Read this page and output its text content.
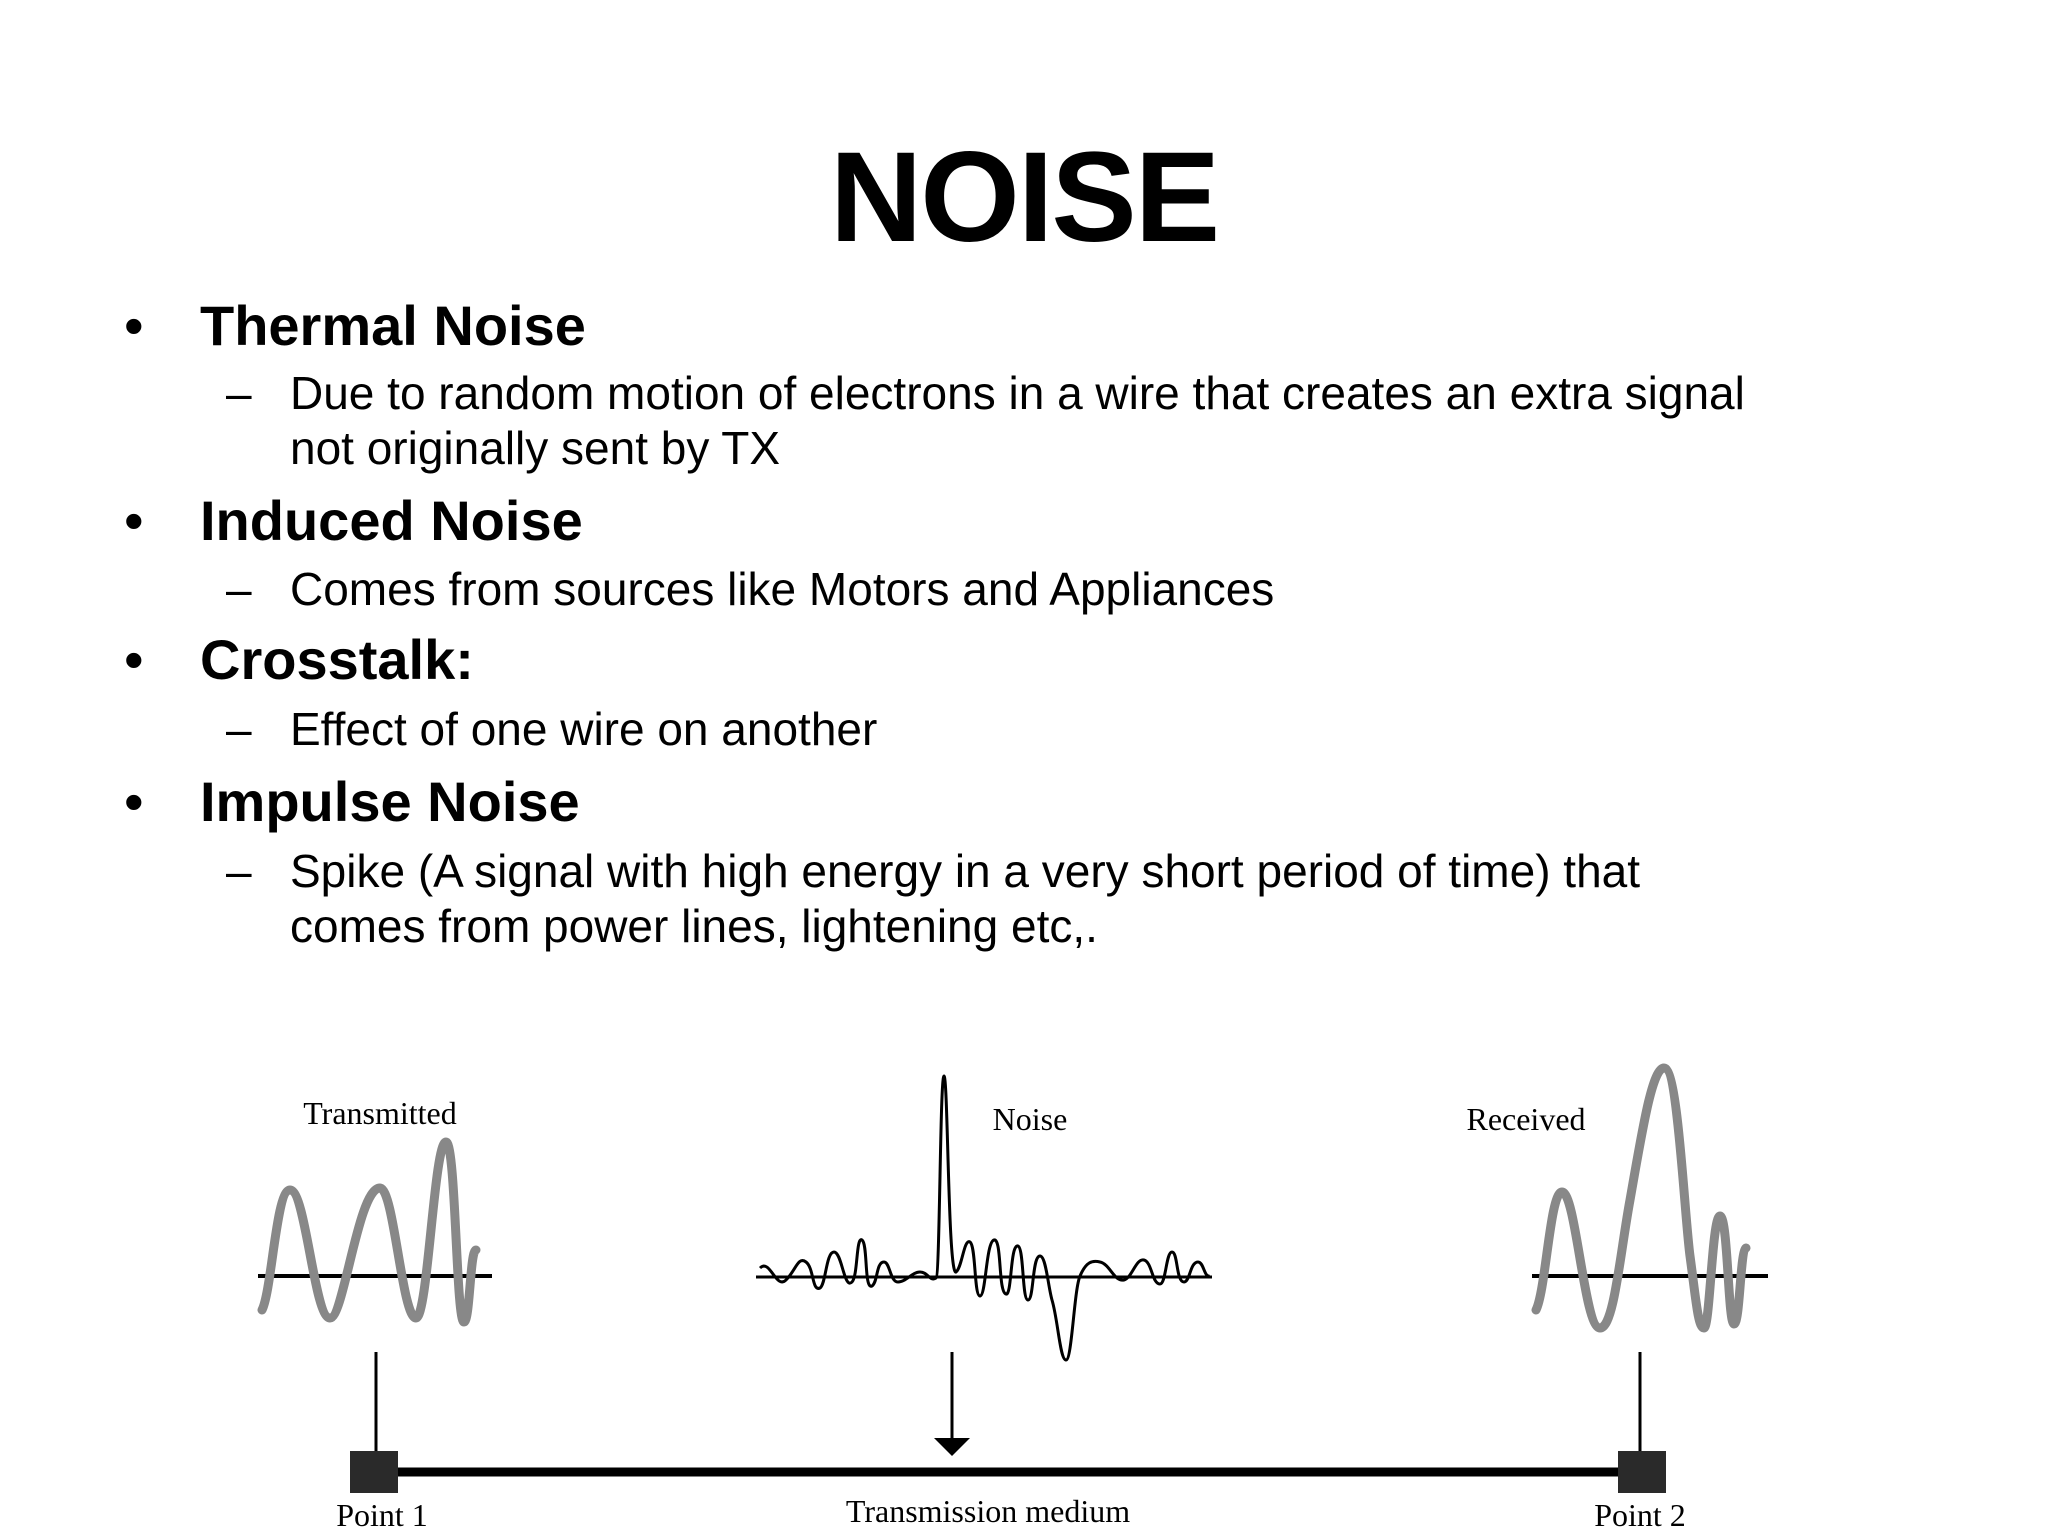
NOISE
• Thermal Noise
– Due to random motion of electrons in a wire that creates an extra signal
not originally sent by TX
• Induced Noise
– Comes from sources like Motors and Appliances
• Crosstalk:
– Effect of one wire on another
• Impulse Noise
– Spike (A signal with high energy in a very short period of time) that
comes from power lines, lightening etc,.
Transmitted	Noise	Received
Point 1	Transmission medium	Point 2
